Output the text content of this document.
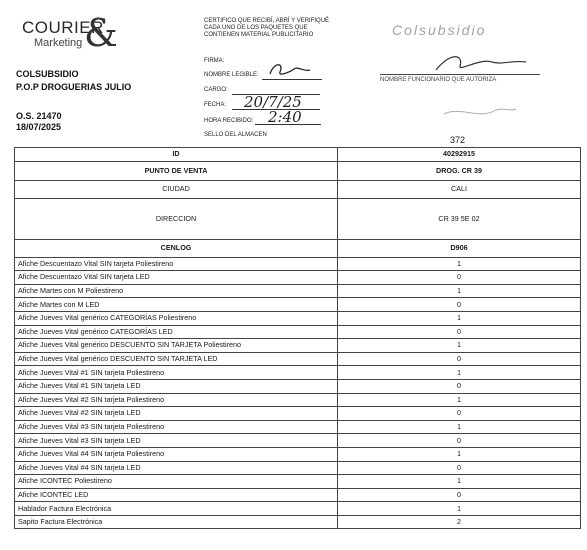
COURIER
Marketing &
COLSUBSIDIO
P.O.P DROGUERIAS JULIO
O.S. 21470
18/07/2025
CERTIFICO QUE RECIBÍ, ABRÍ Y VERIFIQUÉ CADA UNO DE LOS PAQUETES QUE CONTIENEN MATERIAL PUBLICITARIO
FIRMA:
NOMBRE LEGIBLE:
CARGO:
FECHA:
HORA RECIBIDO:
SELLO DEL ALMACEN
20/7/25
2:40
Colsubsidio
NOMBRE FUNCIONARIO QUE AUTORIZA
372
ID	40292915
PUNTO DE VENTA	DROG. CR 39
CIUDAD	CALI
DIRECCION	CR 39 5E 02
CENLOG	D906
Afiche Descuentazo Vital SIN tarjeta Poliestireno	1
Afiche Descuentazo Vital SIN tarjeta LED	0
Afiche Martes con M Poliestireno	1
Afiche Martes con M LED	0
Afiche Jueves Vital genérico CATEGORÍAS Poliestireno	1
Afiche Jueves Vital genérico CATEGORÍAS LED	0
Afiche Jueves Vital genérico DESCUENTO SIN TARJETA Poliestireno	1
Afiche Jueves Vital genérico DESCUENTO SIN TARJETA LED	0
Afiche Jueves Vital #1 SIN tarjeta Poliestireno	1
Afiche Jueves Vital #1 SIN tarjeta LED	0
Afiche Jueves Vital #2 SIN tarjeta Poliestireno	1
Afiche Jueves Vital #2 SIN tarjeta LED	0
Afiche Jueves Vital #3 SIN tarjeta Poliestireno	1
Afiche Jueves Vital #3 SIN tarjeta LED	0
Afiche Jueves Vital #4 SIN tarjeta Poliestireno	1
Afiche Jueves Vital #4 SIN tarjeta LED	0
Afiche ICONTEC Poliestireno	1
Afiche ICONTEC LED	0
Hablador Factura Electrónica	1
Sapito Factura Electrónica	2
